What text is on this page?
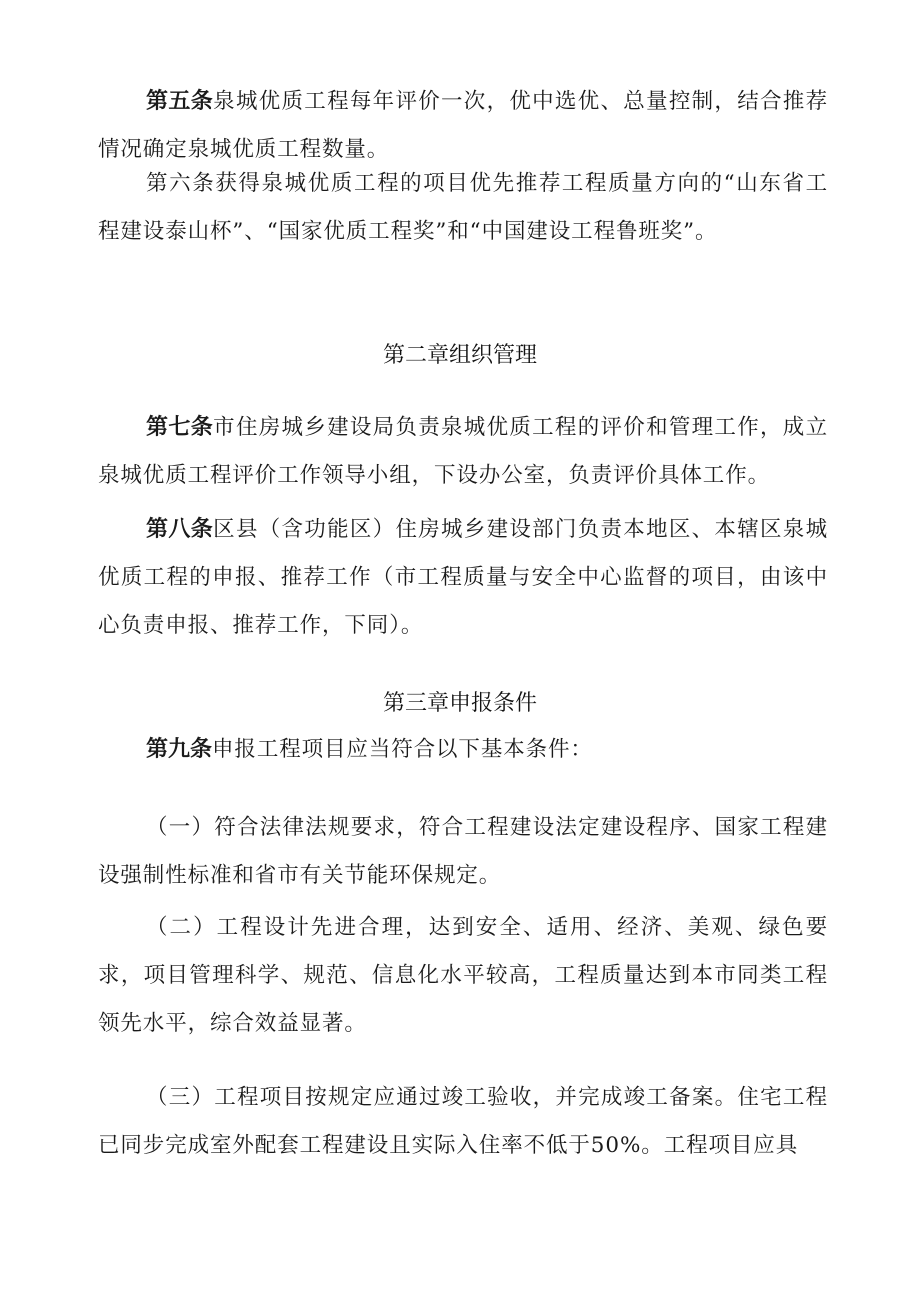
第五条泉城优质工程每年评价一次，优中选优、总量控制，结合推荐情况确定泉城优质工程数量。

第六条获得泉城优质工程的项目优先推荐工程质量方向的“山东省工程建设泰山杯”、“国家优质工程奖”和“中国建设工程鲁班奖”。

第二章组织管理

第七条市住房城乡建设局负责泉城优质工程的评价和管理工作，成立泉城优质工程评价工作领导小组，下设办公室，负责评价具体工作。

第八条区县（含功能区）住房城乡建设部门负责本地区、本辖区泉城优质工程的申报、推荐工作（市工程质量与安全中心监督的项目，由该中心负责申报、推荐工作，下同）。

第三章申报条件

第九条申报工程项目应当符合以下基本条件：

（一）符合法律法规要求，符合工程建设法定建设程序、国家工程建设强制性标准和省市有关节能环保规定。

（二）工程设计先进合理，达到安全、适用、经济、美观、绿色要求，项目管理科学、规范、信息化水平较高，工程质量达到本市同类工程领先水平，综合效益显著。

（三）工程项目按规定应通过竣工验收，并完成竣工备案。住宅工程已同步完成室外配套工程建设且实际入住率不低于50%。工程项目应具
